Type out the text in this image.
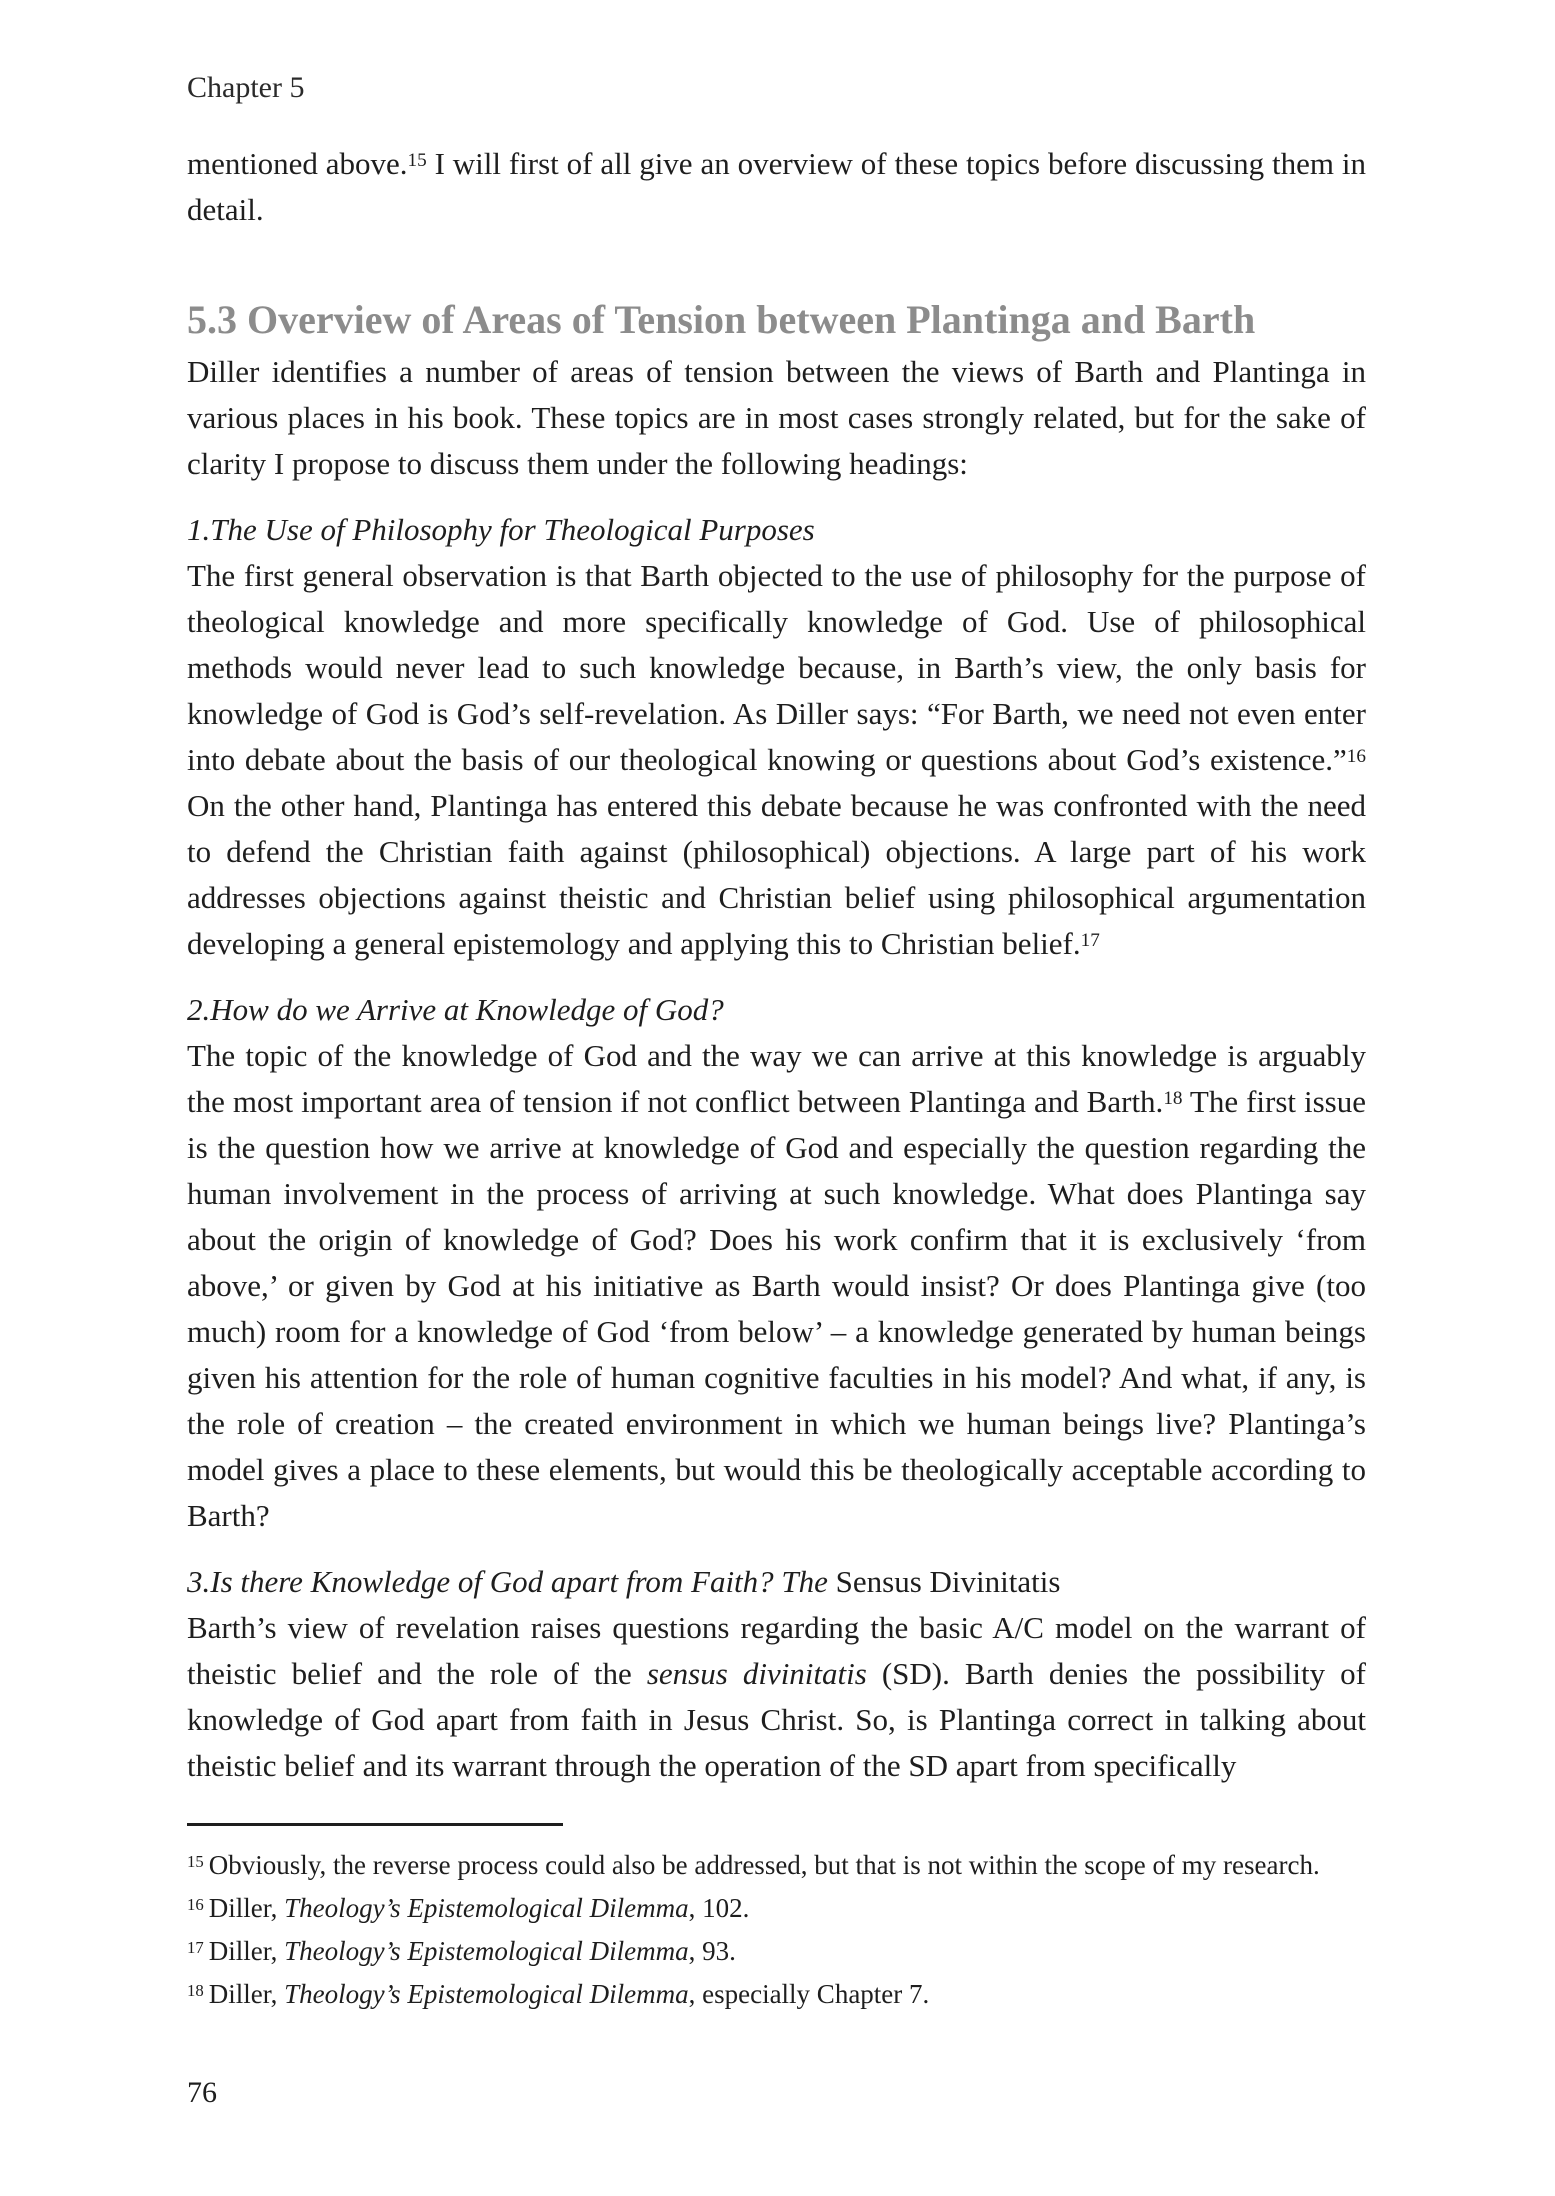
Chapter 5

mentioned above.$^{15}$ I will first of all give an overview of these topics before discussing them in detail.

5.3 Overview of Areas of Tension between Plantinga and Barth

Diller identifies a number of areas of tension between the views of Barth and Plantinga in various places in his book. These topics are in most cases strongly related, but for the sake of clarity I propose to discuss them under the following headings:

1.The Use of Philosophy for Theological Purposes

The first general observation is that Barth objected to the use of philosophy for the purpose of theological knowledge and more specifically knowledge of God. Use of philosophical methods would never lead to such knowledge because, in Barth’s view, the only basis for knowledge of God is God’s self-revelation. As Diller says: “For Barth, we need not even enter into debate about the basis of our theological knowing or questions about God’s existence.”$^{16}$ On the other hand, Plantinga has entered this debate because he was confronted with the need to defend the Christian faith against (philosophical) objections. A large part of his work addresses objections against theistic and Christian belief using philosophical argumentation developing a general epistemology and applying this to Christian belief.$^{17}$

2.How do we Arrive at Knowledge of God?

The topic of the knowledge of God and the way we can arrive at this knowledge is arguably the most important area of tension if not conflict between Plantinga and Barth.$^{18}$ The first issue is the question how we arrive at knowledge of God and especially the question regarding the human involvement in the process of arriving at such knowledge. What does Plantinga say about the origin of knowledge of God? Does his work confirm that it is exclusively ‘from above,’ or given by God at his initiative as Barth would insist? Or does Plantinga give (too much) room for a knowledge of God ‘from below’ – a knowledge generated by human beings given his attention for the role of human cognitive faculties in his model? And what, if any, is the role of creation – the created environment in which we human beings live? Plantinga’s model gives a place to these elements, but would this be theologically acceptable according to Barth?

3.Is there Knowledge of God apart from Faith? The Sensus Divinitatis

Barth’s view of revelation raises questions regarding the basic A/C model on the warrant of theistic belief and the role of the sensus divinitatis (SD). Barth denies the possibility of knowledge of God apart from faith in Jesus Christ. So, is Plantinga correct in talking about theistic belief and its warrant through the operation of the SD apart from specifically

$^{15}$ Obviously, the reverse process could also be addressed, but that is not within the scope of my research.

$^{16}$ Diller, Theology’s Epistemological Dilemma, 102.

$^{17}$ Diller, Theology’s Epistemological Dilemma, 93.

$^{18}$ Diller, Theology’s Epistemological Dilemma, especially Chapter 7.

76
